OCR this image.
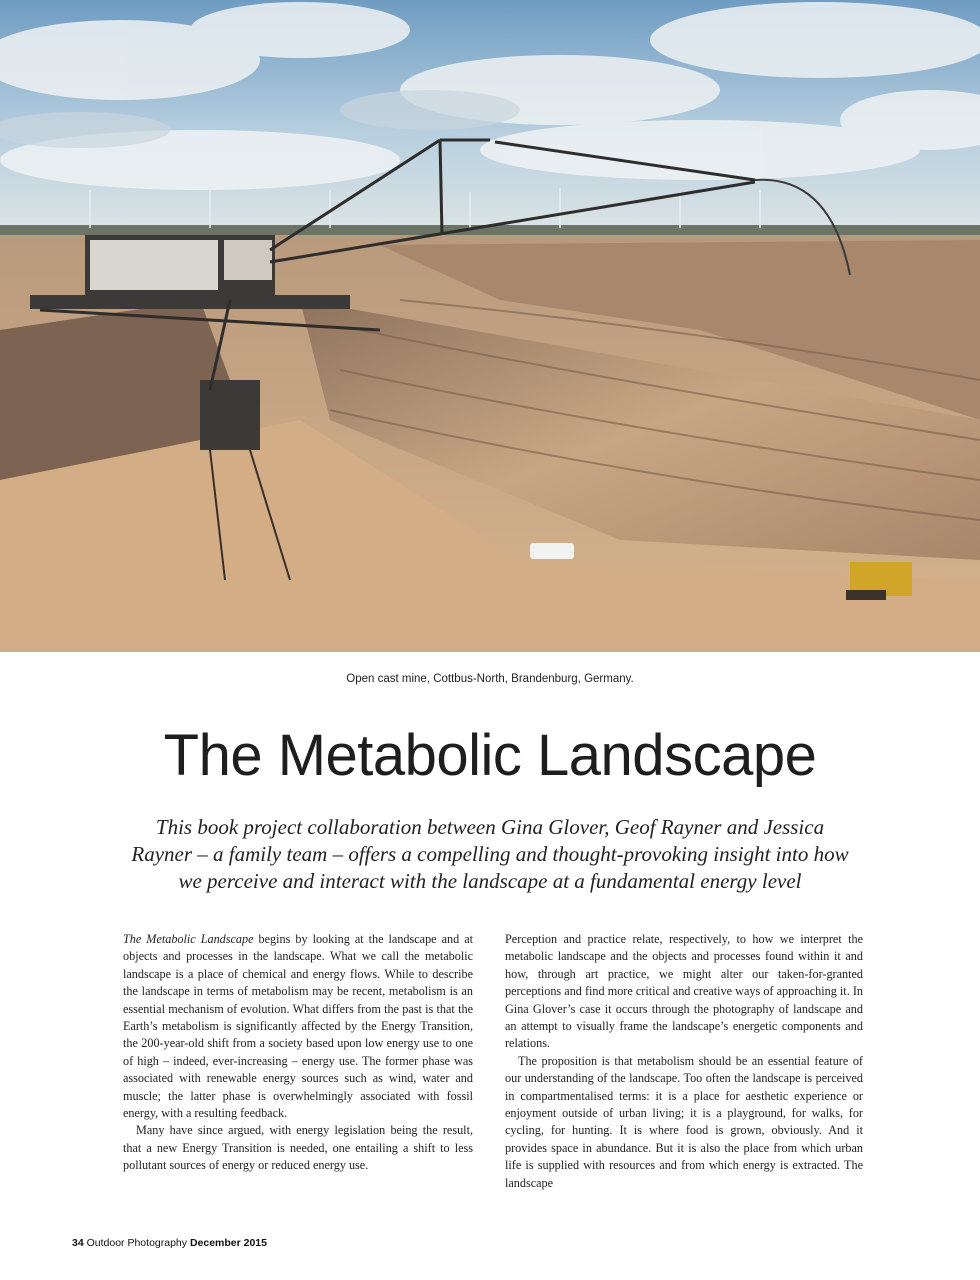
Open cast mine, Cottbus-North, Brandenburg, Germany.
The Metabolic Landscape
This book project collaboration between Gina Glover, Geof Rayner and Jessica Rayner – a family team – offers a compelling and thought-provoking insight into how we perceive and interact with the landscape at a fundamental energy level

The Metabolic Landscape begins by looking at the landscape and at objects and processes in the landscape. What we call the metabolic landscape is a place of chemical and energy flows. While to describe the landscape in terms of metabolism may be recent, metabolism is an essential mechanism of evolution. What differs from the past is that the Earth’s metabolism is significantly affected by the Energy Transition, the 200-year-old shift from a society based upon low energy use to one of high – indeed, ever-increasing – energy use. The former phase was associated with renewable energy sources such as wind, water and muscle; the latter phase is overwhelmingly associated with fossil energy, with a resulting feedback.

Many have since argued, with energy legislation being the result, that a new Energy Transition is needed, one entailing a shift to less pollutant sources of energy or reduced energy use.

Perception and practice relate, respectively, to how we interpret the metabolic landscape and the objects and processes found within it and how, through art practice, we might alter our taken-for-granted perceptions and find more critical and creative ways of approaching it. In Gina Glover’s case it occurs through the photography of landscape and an attempt to visually frame the landscape’s energetic components and relations.

The proposition is that metabolism should be an essential feature of our understanding of the landscape. Too often the landscape is perceived in compartmentalised terms: it is a place for aesthetic experience or enjoyment outside of urban living; it is a playground, for walks, for cycling, for hunting. It is where food is grown, obviously. And it provides space in abundance. But it is also the place from which urban life is supplied with resources and from which energy is extracted. The landscape

34 Outdoor Photography December 2015
